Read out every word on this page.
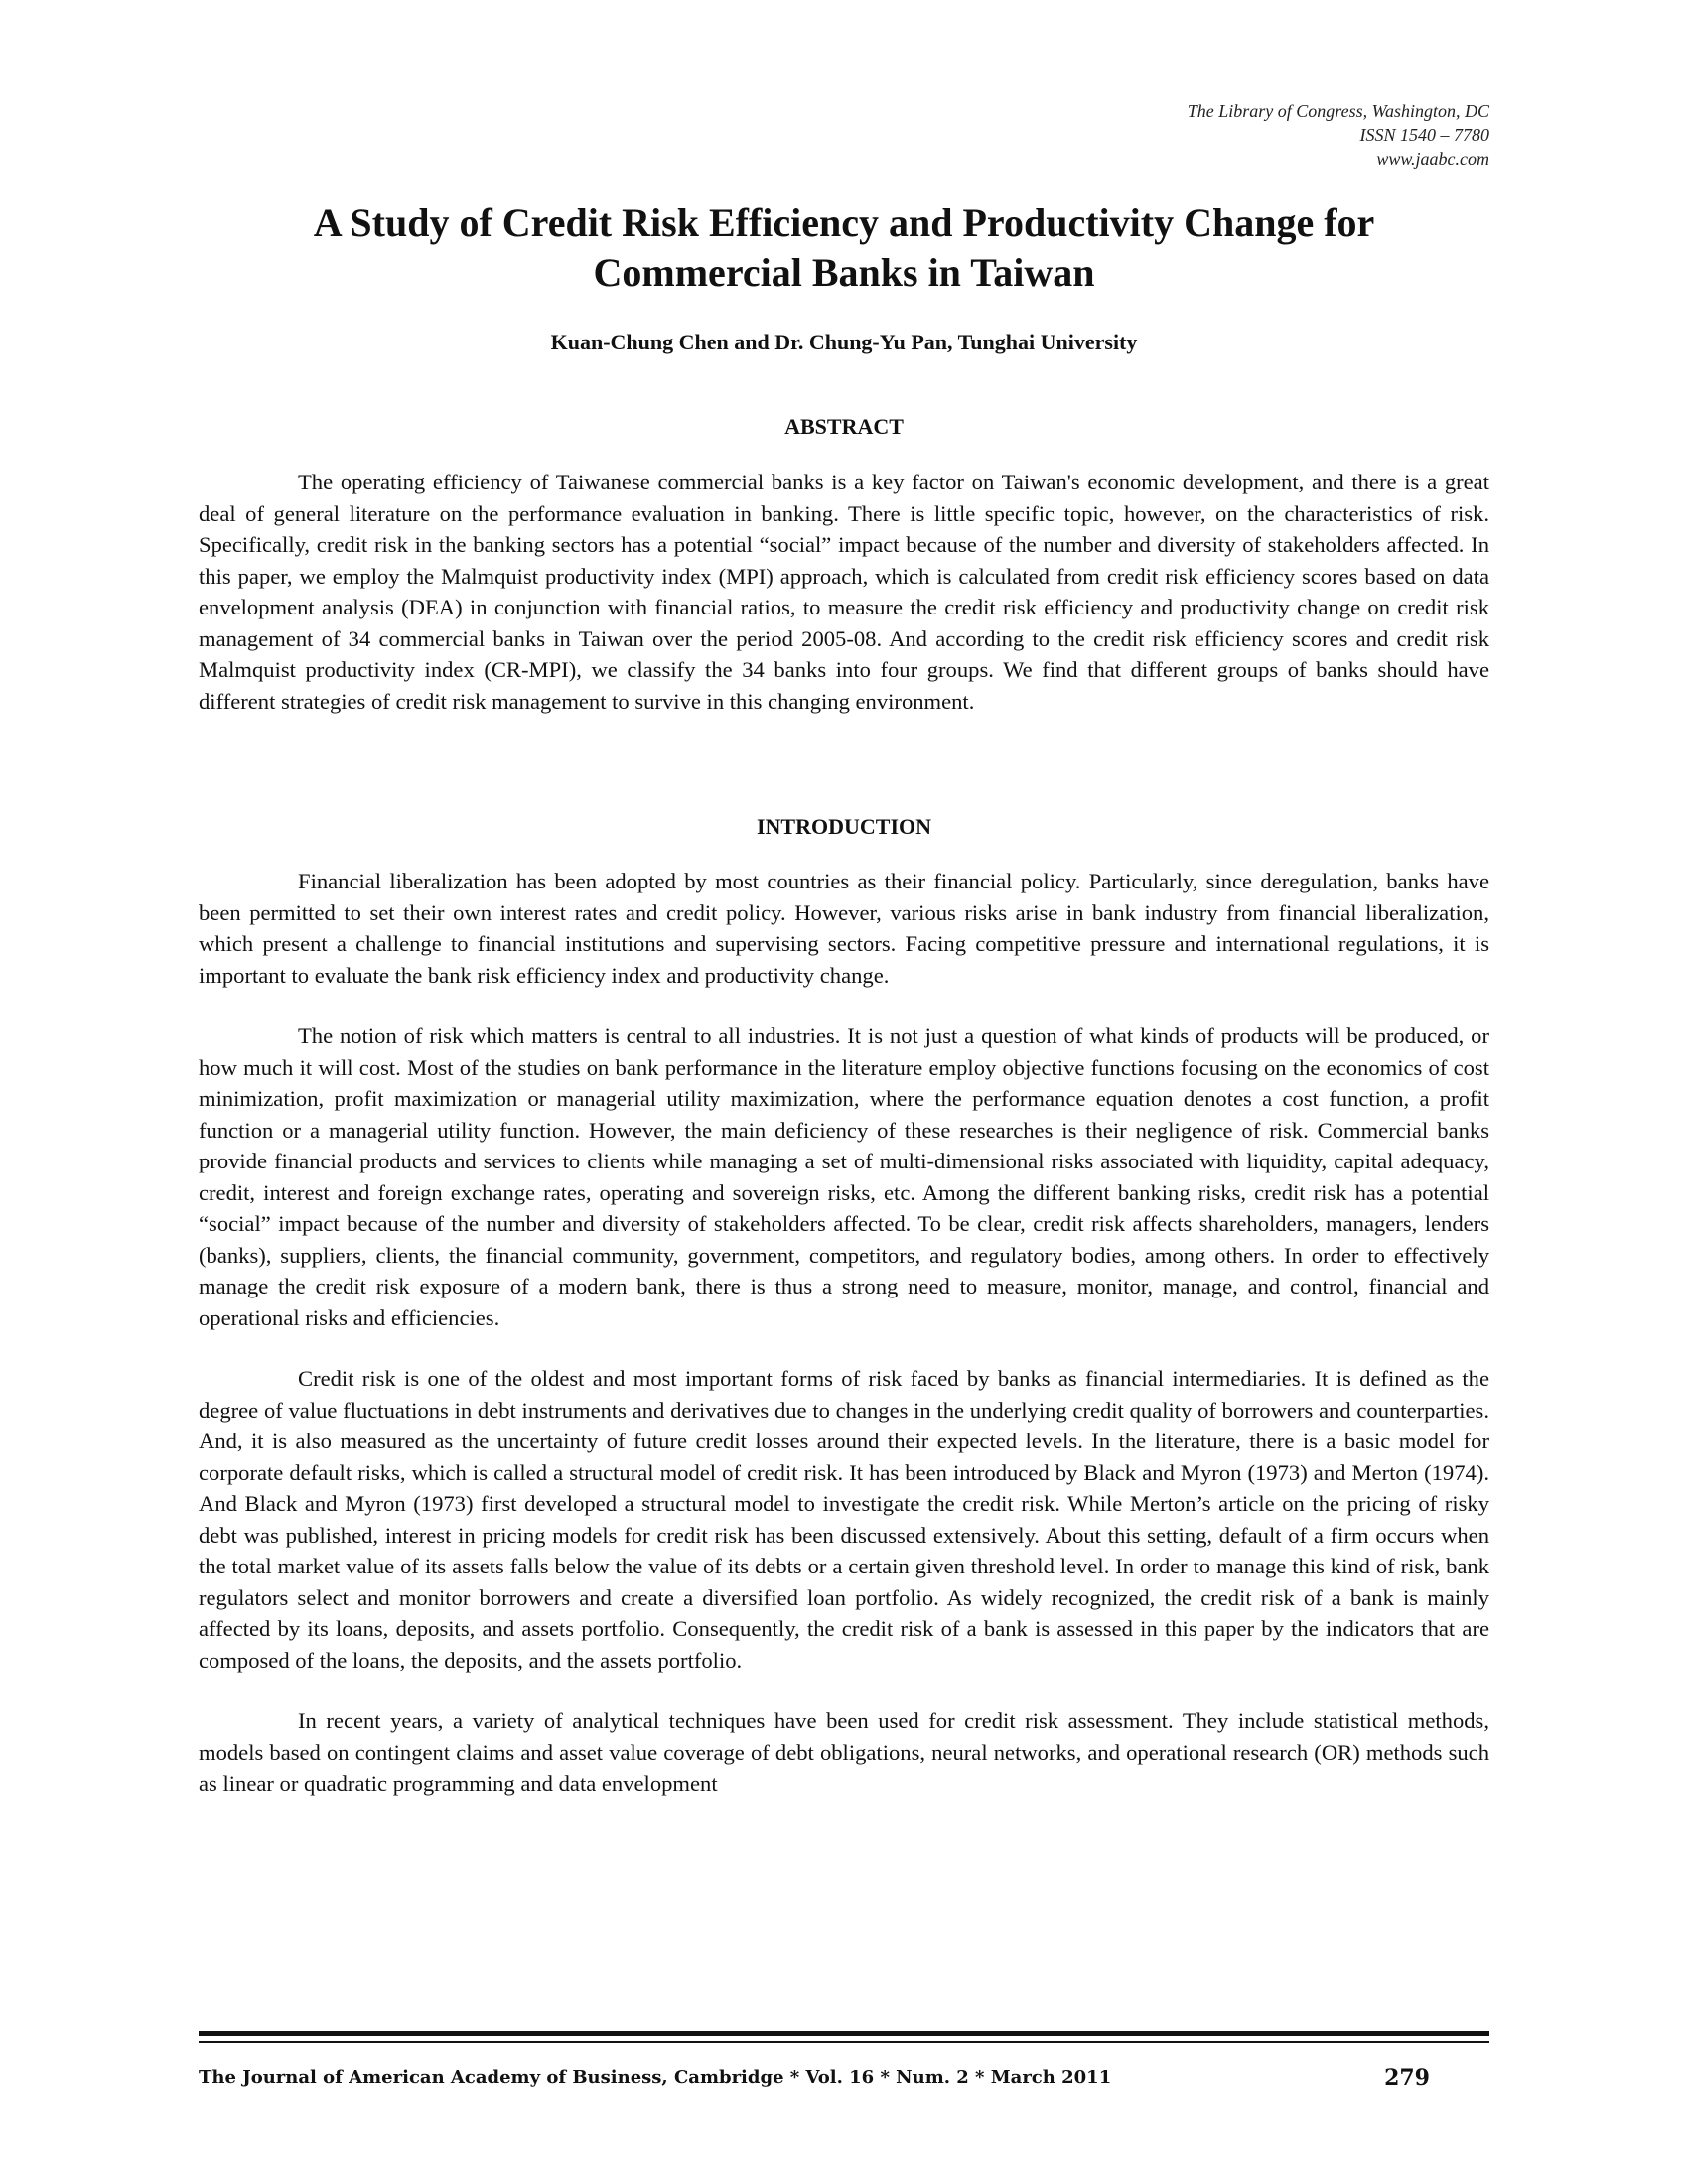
The Library of Congress, Washington, DC
ISSN 1540 – 7780
www.jaabc.com
A Study of Credit Risk Efficiency and Productivity Change for
Commercial Banks in Taiwan
Kuan-Chung Chen and Dr. Chung-Yu Pan, Tunghai University
ABSTRACT

The operating efficiency of Taiwanese commercial banks is a key factor on Taiwan's economic development, and there is a great deal of general literature on the performance evaluation in banking. There is little specific topic, however, on the characteristics of risk. Specifically, credit risk in the banking sectors has a potential “social” impact because of the number and diversity of stakeholders affected. In this paper, we employ the Malmquist productivity index (MPI) approach, which is calculated from credit risk efficiency scores based on data envelopment analysis (DEA) in conjunction with financial ratios, to measure the credit risk efficiency and productivity change on credit risk management of 34 commercial banks in Taiwan over the period 2005-08. And according to the credit risk efficiency scores and credit risk Malmquist productivity index (CR-MPI), we classify the 34 banks into four groups. We find that different groups of banks should have different strategies of credit risk management to survive in this changing environment.

INTRODUCTION

Financial liberalization has been adopted by most countries as their financial policy. Particularly, since deregulation, banks have been permitted to set their own interest rates and credit policy. However, various risks arise in bank industry from financial liberalization, which present a challenge to financial institutions and supervising sectors. Facing competitive pressure and international regulations, it is important to evaluate the bank risk efficiency index and productivity change.

The notion of risk which matters is central to all industries. It is not just a question of what kinds of products will be produced, or how much it will cost. Most of the studies on bank performance in the literature employ objective functions focusing on the economics of cost minimization, profit maximization or managerial utility maximization, where the performance equation denotes a cost function, a profit function or a managerial utility function. However, the main deficiency of these researches is their negligence of risk. Commercial banks provide financial products and services to clients while managing a set of multi-dimensional risks associated with liquidity, capital adequacy, credit, interest and foreign exchange rates, operating and sovereign risks, etc. Among the different banking risks, credit risk has a potential “social” impact because of the number and diversity of stakeholders affected. To be clear, credit risk affects shareholders, managers, lenders (banks), suppliers, clients, the financial community, government, competitors, and regulatory bodies, among others. In order to effectively manage the credit risk exposure of a modern bank, there is thus a strong need to measure, monitor, manage, and control, financial and operational risks and efficiencies.

Credit risk is one of the oldest and most important forms of risk faced by banks as financial intermediaries. It is defined as the degree of value fluctuations in debt instruments and derivatives due to changes in the underlying credit quality of borrowers and counterparties. And, it is also measured as the uncertainty of future credit losses around their expected levels. In the literature, there is a basic model for corporate default risks, which is called a structural model of credit risk. It has been introduced by Black and Myron (1973) and Merton (1974). And Black and Myron (1973) first developed a structural model to investigate the credit risk. While Merton’s article on the pricing of risky debt was published, interest in pricing models for credit risk has been discussed extensively. About this setting, default of a firm occurs when the total market value of its assets falls below the value of its debts or a certain given threshold level. In order to manage this kind of risk, bank regulators select and monitor borrowers and create a diversified loan portfolio. As widely recognized, the credit risk of a bank is mainly affected by its loans, deposits, and assets portfolio. Consequently, the credit risk of a bank is assessed in this paper by the indicators that are composed of the loans, the deposits, and the assets portfolio.

In recent years, a variety of analytical techniques have been used for credit risk assessment. They include statistical methods, models based on contingent claims and asset value coverage of debt obligations, neural networks, and operational research (OR) methods such as linear or quadratic programming and data envelopment

The Journal of American Academy of Business, Cambridge * Vol. 16 * Num. 2 * March 2011	279
